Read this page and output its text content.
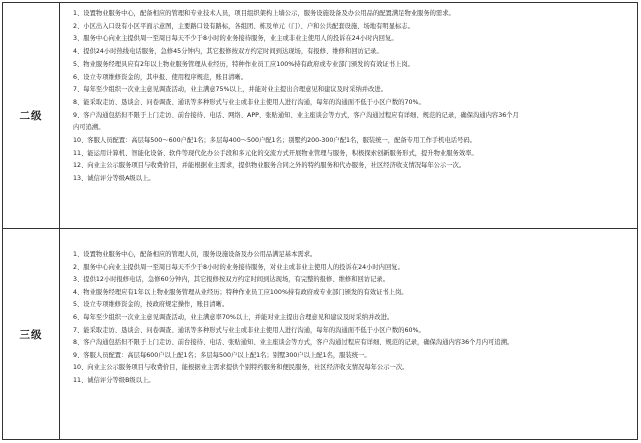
二级
1、设置物业服务中心，配备相应的管理和专业技术人员，项目组织架构上墙公示，服务设施设备及办公用品的配置满足物业服务的需求。
2、小区出入口设有小区平面示意图，主要路口设有路标，各组团、栋及单元（门）、户和公共配套设施、场地有明显标志。
3、服务中心向业主提供周一至周日每天不少于8小时的业务接待服务，业主或非业主使用人的投诉在24小时内回复。
4、提供24小时热线电话服务，急修45分钟内，其它报修按双方约定时间到达现场，有报修、维修和回访记录。
5、物业服务经理具应有2年以上物业服务管理从业经历，特种作业员工应100%持有政府或专业部门颁发的有效证书上岗。
6、设立专项维修资金的，其申报、使用程序规范，账目清晰。
7、每年至少组织一次业主意见调查活动，业主满意75%以上，并能对业主提出合理意见和建议及时采纳并改进。
8、能采取走访、恳谈会、问卷调查、通讯等多种形式与业主或非业主使用人进行沟通，每年的沟通面不低于小区户数的70%。
9、客户沟通包括但不限于上门走访、前台接待、电话、网络、APP、张贴通知、业主座谈会等方式，客户沟通过程应有详细、规范的记录，确保沟通内容36个月
内可追溯。
10、客服人员配置：高层每500～600户配1名；多层每400～500户配1名；别墅约200-300户配1名，服装统一，配备专用工作手机电话号码。
11、能运用计算机、智能化设备、软件等现代化办公手段和多元化的交流方式开展物业管理与服务，积极探索创新服务形式，提升物业服务效率。
12、向业主公示服务项目与收费价目，并能根据业主需求，提供物业服务合同之外的特约服务和代办服务，社区经济收支情况每年公示一次。
13、诚信评分等级A级以上。
三级
1、设置物业服务中心，配备相应的管理人员，服务设施设备及办公用品满足基本需求。
2、服务中心向业主提供周一至周日每天不少于8小时的业务接待服务，对业主或非业主使用人的投诉在24小时内回复。
3、提供12小时报修电话，急修60分钟内，其它报修按双方约定时间到达现场，有完整的报修、维修和回访记录。
4、物业服务经理应有1年以上物业服务管理从业经历；特种作业员工应100%持有政府或专业部门颁发的有效证书上岗。
5、设立专项维修资金的，按政府规定操作，账目清晰。
6、每年至少组织一次业主意见调查活动，业主满意率70%以上，并能对业主提出合理意见和建议及时采纳并改进。
7、能采取走访、恳谈会、问卷调查、通讯等多种形式与业主或非业主使用人进行沟通，每年的沟通面不低于小区户数的60%。
8、客户沟通包括但不限于上门走访、前台接待、电话、张贴通知、业主座谈会等方式，客户沟通过程应有详细、规范的记录，确保沟通内容36个月内可追溯。
9、客服人员配置：高层每600户以上配1名；多层每500户以上配1名；别墅300户以上配1名，服装统一。
10、向业主公示服务项目与收费价目，能根据业主需求提供个别特约服务和便民服务，社区经济收支情况每年公示一次。
11、诚信评分等级B级以上。
